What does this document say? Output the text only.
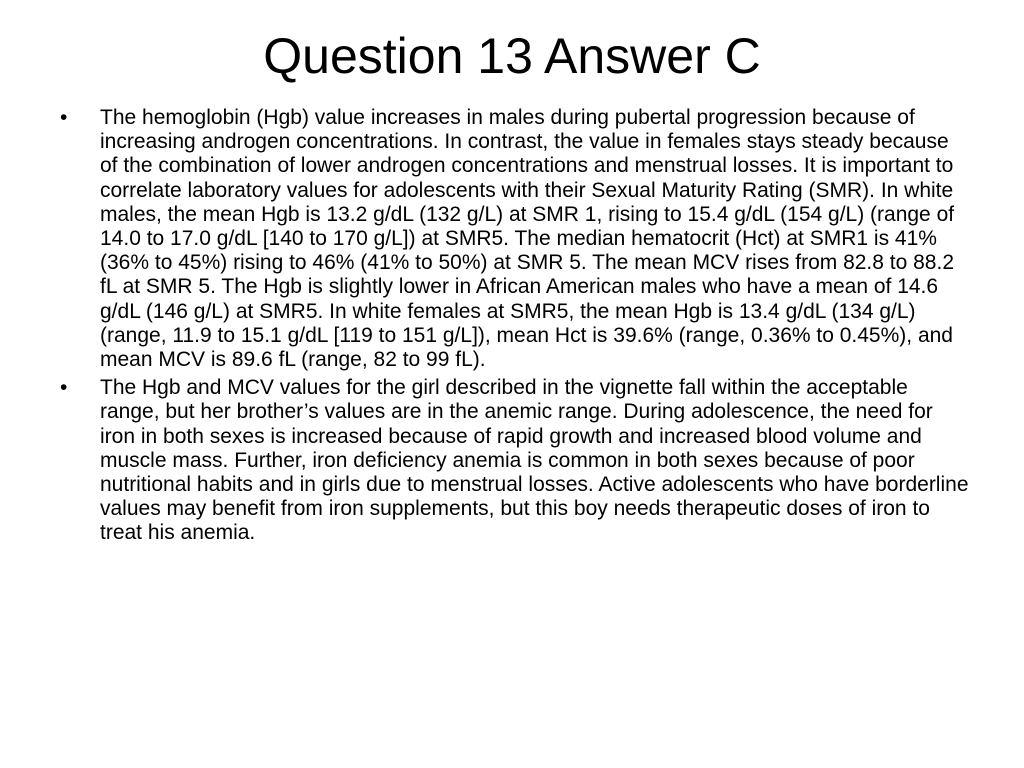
Question 13 Answer C
• The hemoglobin (Hgb) value increases in males during pubertal progression because of increasing androgen concentrations. In contrast, the value in females stays steady because of the combination of lower androgen concentrations and menstrual losses. It is important to correlate laboratory values for adolescents with their Sexual Maturity Rating (SMR). In white males, the mean Hgb is 13.2 g/dL (132 g/L) at SMR 1, rising to 15.4 g/dL (154 g/L) (range of 14.0 to 17.0 g/dL [140 to 170 g/L]) at SMR5. The median hematocrit (Hct) at SMR1 is 41% (36% to 45%) rising to 46% (41% to 50%) at SMR 5. The mean MCV rises from 82.8 to 88.2 fL at SMR 5. The Hgb is slightly lower in African American males who have a mean of 14.6 g/dL (146 g/L) at SMR5. In white females at SMR5, the mean Hgb is 13.4 g/dL (134 g/L) (range, 11.9 to 15.1 g/dL [119 to 151 g/L]), mean Hct is 39.6% (range, 0.36% to 0.45%), and mean MCV is 89.6 fL (range, 82 to 99 fL).
• The Hgb and MCV values for the girl described in the vignette fall within the acceptable range, but her brother’s values are in the anemic range. During adolescence, the need for iron in both sexes is increased because of rapid growth and increased blood volume and muscle mass. Further, iron deficiency anemia is common in both sexes because of poor nutritional habits and in girls due to menstrual losses. Active adolescents who have borderline values may benefit from iron supplements, but this boy needs therapeutic doses of iron to treat his anemia.
